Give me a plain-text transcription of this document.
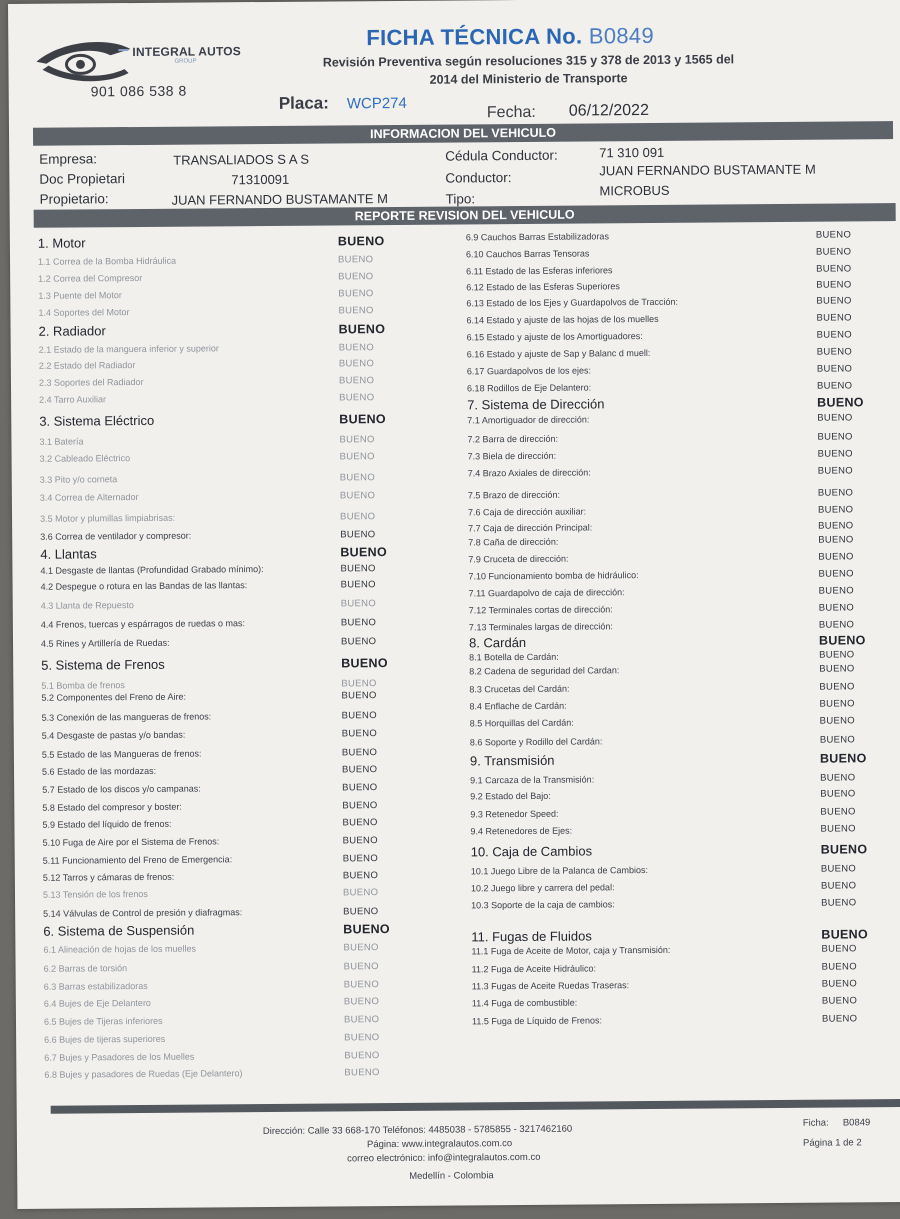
INTEGRAL AUTOS
GROUP
901 086 538 8
FICHA TÉCNICA No. B0849
Revisión Preventiva según resoluciones 315 y 378 de 2013 y 1565 del
2014 del Ministerio de Transporte
Placa: WCP274
Fecha: 06/12/2022
INFORMACION DEL VEHICULO
Empresa:	TRANSALIADOS S A S
Doc Propietari	71310091
Propietario:	JUAN FERNANDO BUSTAMANTE M
Cédula Conductor:	71 310 091
Conductor:	JUAN FERNANDO BUSTAMANTE M
Tipo:
MICROBUS
REPORTE REVISION DEL VEHICULO
1. Motor	BUENO
1.1 Correa de la Bomba Hidráulica	BUENO
1.2 Correa del Compresor	BUENO
1.3 Puente del Motor	BUENO
1.4 Soportes del Motor	BUENO
2. Radiador	BUENO
2.1 Estado de la manguera inferior y superior	BUENO
2.2 Estado del Radiador	BUENO
2.3 Soportes del Radiador	BUENO
2.4 Tarro Auxiliar	BUENO
3. Sistema Eléctrico	BUENO
3.1 Batería	BUENO
3.2 Cableado Eléctrico	BUENO
3.3 Pito y/o corneta	BUENO
3.4 Correa de Alternador	BUENO
3.5 Motor y plumillas limpiabrisas:	BUENO
3.6 Correa de ventilador y compresor:	BUENO
4. Llantas	BUENO
4.1 Desgaste de llantas (Profundidad Grabado mínimo):	BUENO
4.2 Despegue o rotura en las Bandas de las llantas:	BUENO
4.3 Llanta de Repuesto	BUENO
4.4 Frenos, tuercas y espárragos de ruedas o mas:	BUENO
4.5 Rines y Artillería de Ruedas:	BUENO
5. Sistema de Frenos	BUENO
5.1 Bomba de frenos	BUENO
5.2 Componentes del Freno de Aire:	BUENO
5.3 Conexión de las mangueras de frenos:	BUENO
5.4 Desgaste de pastas y/o bandas:	BUENO
5.5 Estado de las Mangueras de frenos:	BUENO
5.6 Estado de las mordazas:	BUENO
5.7 Estado de los discos y/o campanas:	BUENO
5.8 Estado del compresor y boster:	BUENO
5.9 Estado del líquido de frenos:	BUENO
5.10 Fuga de Aire por el Sistema de Frenos:	BUENO
5.11 Funcionamiento del Freno de Emergencia:	BUENO
5.12 Tarros y cámaras de frenos:	BUENO
5.13 Tensión de los frenos	BUENO
5.14 Válvulas de Control de presión y diafragmas:	BUENO
6. Sistema de Suspensión	BUENO
6.1 Alineación de hojas de los muelles	BUENO
6.2 Barras de torsión	BUENO
6.3 Barras estabilizadoras	BUENO
6.4 Bujes de Eje Delantero	BUENO
6.5 Bujes de Tijeras inferiores	BUENO
6.6 Bujes de tijeras superiores	BUENO
6.7 Bujes y Pasadores de los Muelles	BUENO
6.8 Bujes y pasadores de Ruedas (Eje Delantero)	BUENO
6.9 Cauchos Barras Estabilizadoras	BUENO
6.10 Cauchos Barras Tensoras	BUENO
6.11 Estado de las Esferas inferiores	BUENO
6.12 Estado de las Esferas Superiores	BUENO
6.13 Estado de los Ejes y Guardapolvos de Tracción:	BUENO
6.14 Estado y ajuste de las hojas de los muelles	BUENO
6.15 Estado y ajuste de los Amortiguadores:	BUENO
6.16 Estado y ajuste de Sap y Balanc d muell:	BUENO
6.17 Guardapolvos de los ejes:	BUENO
6.18 Rodillos de Eje Delantero:	BUENO
7. Sistema de Dirección	BUENO
7.1 Amortiguador de dirección:	BUENO
7.2 Barra de dirección:	BUENO
7.3 Biela de dirección:	BUENO
7.4 Brazo Axiales de dirección:	BUENO
7.5 Brazo de dirección:	BUENO
7.6 Caja de dirección auxiliar:	BUENO
7.7 Caja de dirección Principal:	BUENO
7.8 Caña de dirección:	BUENO
7.9 Cruceta de dirección:	BUENO
7.10 Funcionamiento bomba de hidráulico:	BUENO
7.11 Guardapolvo de caja de dirección:	BUENO
7.12 Terminales cortas de dirección:	BUENO
7.13 Terminales largas de dirección:	BUENO
8. Cardán	BUENO
8.1 Botella de Cardán:	BUENO
8.2 Cadena de seguridad del Cardan:	BUENO
8.3 Crucetas del Cardán:	BUENO
8.4 Enflache de Cardán:	BUENO
8.5 Horquillas del Cardán:	BUENO
8.6 Soporte y Rodillo del Cardán:	BUENO
9. Transmisión	BUENO
9.1 Carcaza de la Transmisión:	BUENO
9.2 Estado del Bajo:	BUENO
9.3 Retenedor Speed:	BUENO
9.4 Retenedores de Ejes:	BUENO
10. Caja de Cambios	BUENO
10.1 Juego Libre de la Palanca de Cambios:	BUENO
10.2 Juego libre y carrera del pedal:	BUENO
10.3 Soporte de la caja de cambios:	BUENO
11. Fugas de Fluidos	BUENO
11.1 Fuga de Aceite de Motor, caja y Transmisión:	BUENO
11.2 Fuga de Aceite Hidráulico:	BUENO
11.3 Fugas de Aceite Ruedas Traseras:	BUENO
11.4 Fuga de combustible:	BUENO
11.5 Fuga de Líquido de Frenos:	BUENO
Dirección: Calle 33 668-170 Teléfonos: 4485038 - 5785855 - 3217462160
Página: www.integralautos.com.co
correo electrónico: info@integralautos.com.co
Medellín - Colombia
Ficha: B0849
Página 1 de 2
